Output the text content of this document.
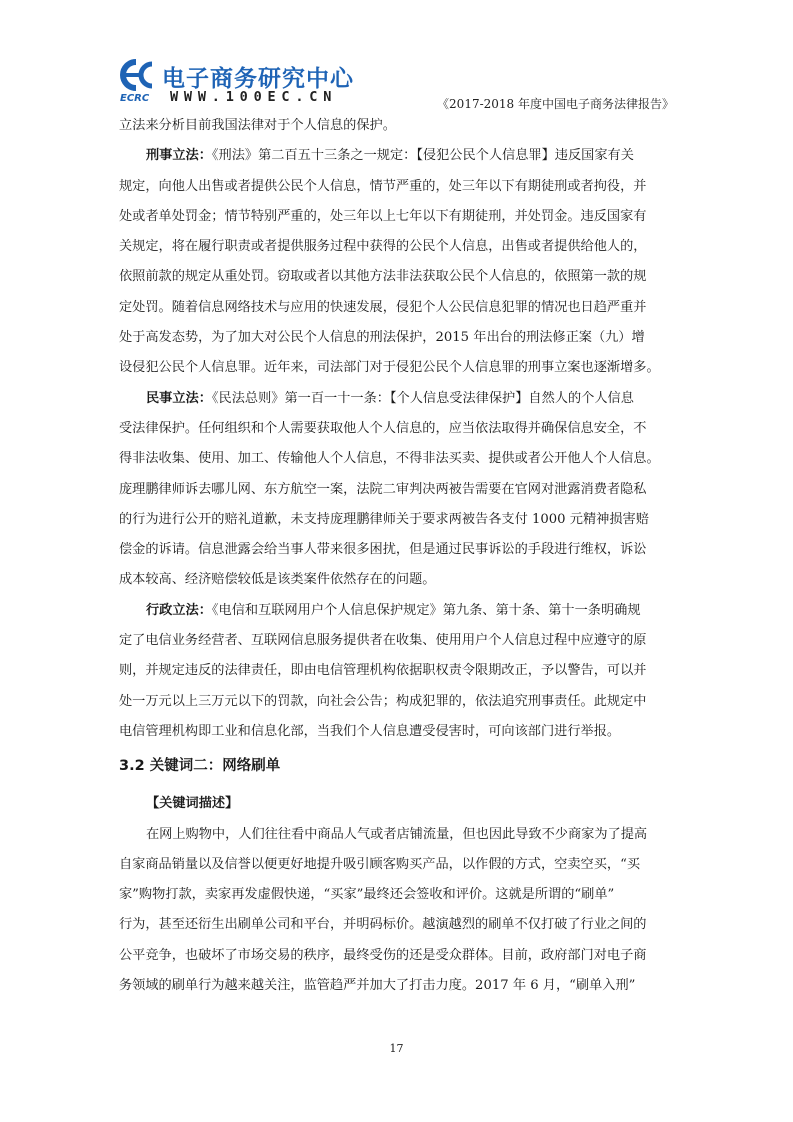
电子商务研究中心
ECRC WWW.100EC.CN	《2017-2018 年度中国电子商务法律报告》
立法来分析目前我国法律对于个人信息的保护。
刑事立法：《刑法》第二百五十三条之一规定：【侵犯公民个人信息罪】违反国家有关
规定，向他人出售或者提供公民个人信息，情节严重的，处三年以下有期徒刑或者拘役，并
处或者单处罚金；情节特别严重的，处三年以上七年以下有期徒刑，并处罚金。违反国家有
关规定，将在履行职责或者提供服务过程中获得的公民个人信息，出售或者提供给他人的，
依照前款的规定从重处罚。窃取或者以其他方法非法获取公民个人信息的，依照第一款的规
定处罚。随着信息网络技术与应用的快速发展，侵犯个人公民信息犯罪的情况也日趋严重并
处于高发态势，为了加大对公民个人信息的刑法保护，2015 年出台的刑法修正案（九）增
设侵犯公民个人信息罪。近年来，司法部门对于侵犯公民个人信息罪的刑事立案也逐渐增多。
民事立法：《民法总则》第一百一十一条：【个人信息受法律保护】自然人的个人信息
受法律保护。任何组织和个人需要获取他人个人信息的，应当依法取得并确保信息安全，不
得非法收集、使用、加工、传输他人个人信息，不得非法买卖、提供或者公开他人个人信息。
庞理鹏律师诉去哪儿网、东方航空一案，法院二审判决两被告需要在官网对泄露消费者隐私
的行为进行公开的赔礼道歉，未支持庞理鹏律师关于要求两被告各支付 1000 元精神损害赔
偿金的诉请。信息泄露会给当事人带来很多困扰，但是通过民事诉讼的手段进行维权，诉讼
成本较高、经济赔偿较低是该类案件依然存在的问题。
行政立法：《电信和互联网用户个人信息保护规定》第九条、第十条、第十一条明确规
定了电信业务经营者、互联网信息服务提供者在收集、使用用户个人信息过程中应遵守的原
则，并规定违反的法律责任，即由电信管理机构依据职权责令限期改正，予以警告，可以并
处一万元以上三万元以下的罚款，向社会公告；构成犯罪的，依法追究刑事责任。此规定中
电信管理机构即工业和信息化部，当我们个人信息遭受侵害时，可向该部门进行举报。
3.2 关键词二：网络刷单
【关键词描述】
在网上购物中，人们往往看中商品人气或者店铺流量，但也因此导致不少商家为了提高
自家商品销量以及信誉以便更好地提升吸引顾客购买产品，以作假的方式，空卖空买，“买
家”购物打款，卖家再发虚假快递，“买家”最终还会签收和评价。这就是所谓的“刷单”
行为，甚至还衍生出刷单公司和平台，并明码标价。越演越烈的刷单不仅打破了行业之间的
公平竞争，也破坏了市场交易的秩序，最终受伤的还是受众群体。目前，政府部门对电子商
务领域的刷单行为越来越关注，监管趋严并加大了打击力度。2017 年 6 月，“刷单入刑”
17
